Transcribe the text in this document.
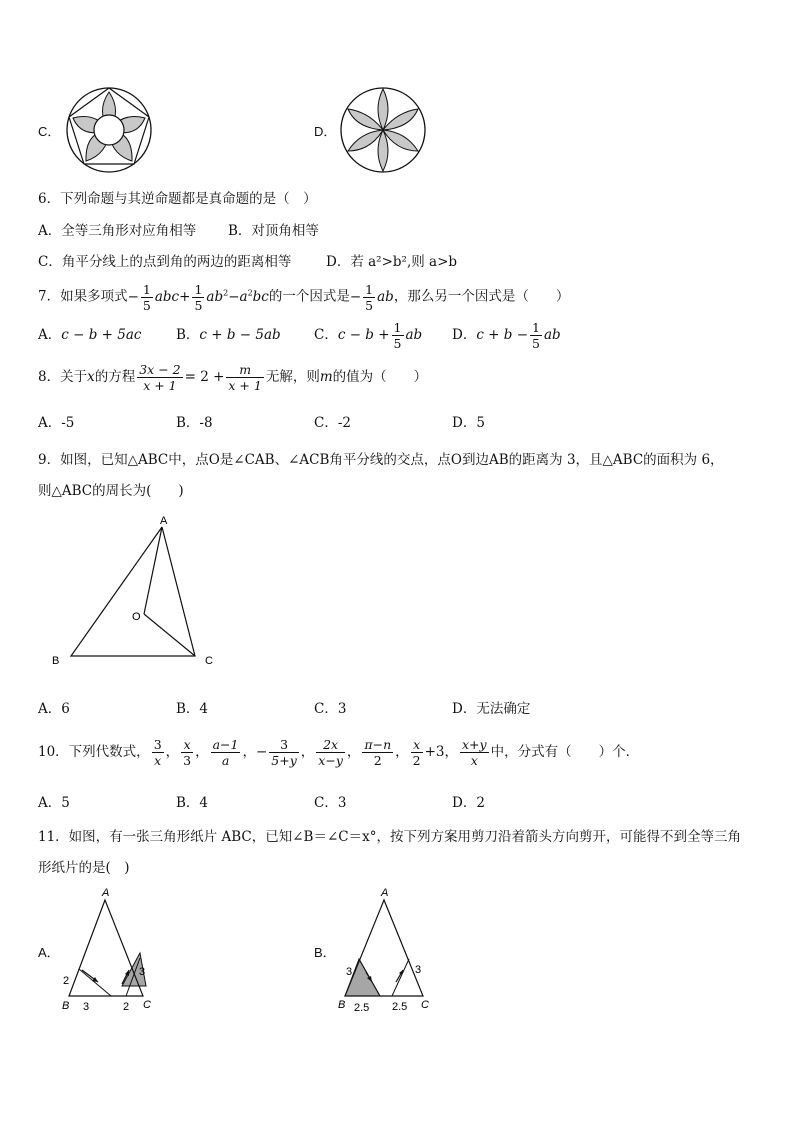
C．	D．
6．下列命题与其逆命题都是真命题的是（　）
A．全等三角形对应角相等 B．对顶角相等
C．角平分线上的点到角的两边的距离相等	D．若 a²>b²,则 a>b
7．如果多项式− $\frac{1}{5} abc+ \frac{1}{5} ab^2-a^2bc$的一个因式是− $\frac{1}{5}$ ab，那么另一个因式是（　　）
A．c − b + 5ac	B．c + b − 5ab C．$c - b + \frac{1}{5}$ ab D．$c + b - \frac{1}{5}$ ab
8．关于x的方程 $\frac{3x - 2}{x + 1} = 2 + \frac{m}{x + 1}$ 无解，则m的值为（　　）
A．-5	B．-8	C．-2	D．5
9．如图，已知△ABC中，点O是∠CAB、∠ACB角平分线的交点，点O到边AB的距离为 3，且△ABC的面积为 6，
则△ABC的周长为(　　)
A
B	C
O
A．6	B．4	C．3	D．无法确定
10．下列代数式， $\frac{3}{x}$ ， $\frac{x}{3}$ ， $\frac{a-1}{a}$ ，− $\frac{3}{5+y}$ ， $\frac{2x}{x-y}$ ， $\frac{\pi-n}{2}$ ， $\frac{x}{2} +3$， $\frac{x+y}{x}$ 中，分式有（　　）个．
A．5	B．4	C．3	D．2
11．如图，有一张三角形纸片 ABC，已知∠B＝∠C＝x°，按下列方案用剪刀沿着箭头方向剪开，可能得不到全等三角
形纸片的是(　)
A．
A
B	C
2
3
3	2
B．
A
B	C
3	3
2.5 2.5
